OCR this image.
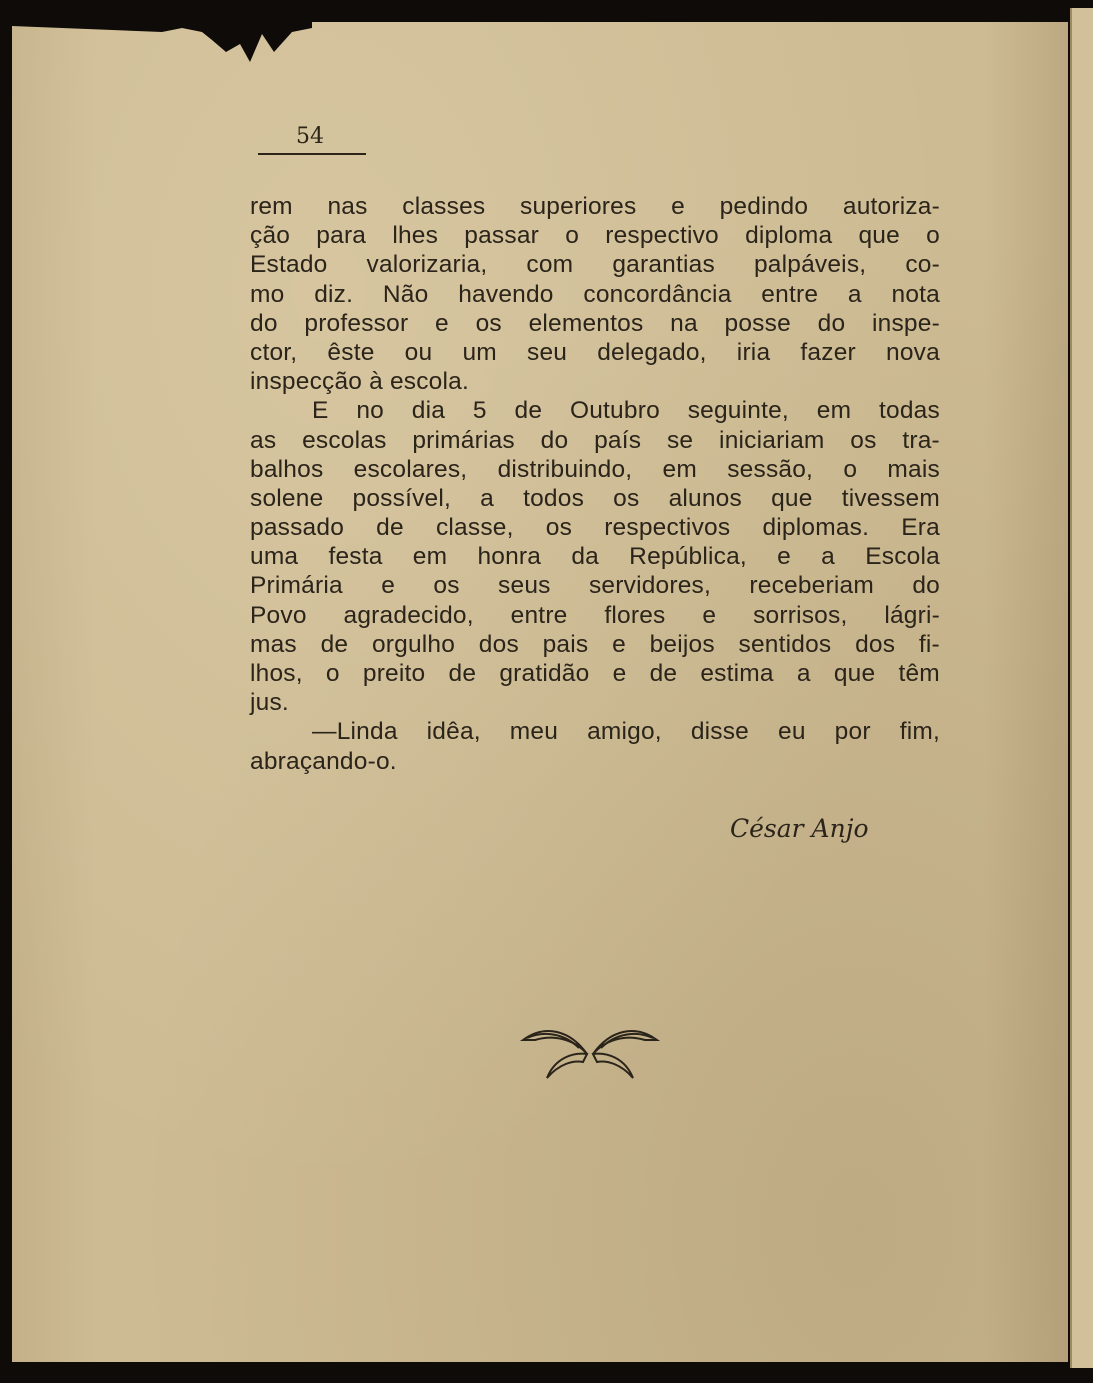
54
rem nas classes superiores e pedindo autoriza-
ção para lhes passar o respectivo diploma que o
Estado valorizaria, com garantias palpáveis, co-
mo diz. Não havendo concordância entre a nota
do professor e os elementos na posse do inspe-
ctor, êste ou um seu delegado, iria fazer nova
inspecção à escola.
E no dia 5 de Outubro seguinte, em todas
as escolas primárias do país se iniciariam os tra-
balhos escolares, distribuindo, em sessão, o mais
solene possível, a todos os alunos que tivessem
passado de classe, os respectivos diplomas. Era
uma festa em honra da República, e a Escola
Primária e os seus servidores, receberiam do
Povo agradecido, entre flores e sorrisos, lágri-
mas de orgulho dos pais e beijos sentidos dos fi-
lhos, o preito de gratidão e de estima a que têm
jus.
—Linda idêa, meu amigo, disse eu por fim,
abraçando-o.
César Anjo
